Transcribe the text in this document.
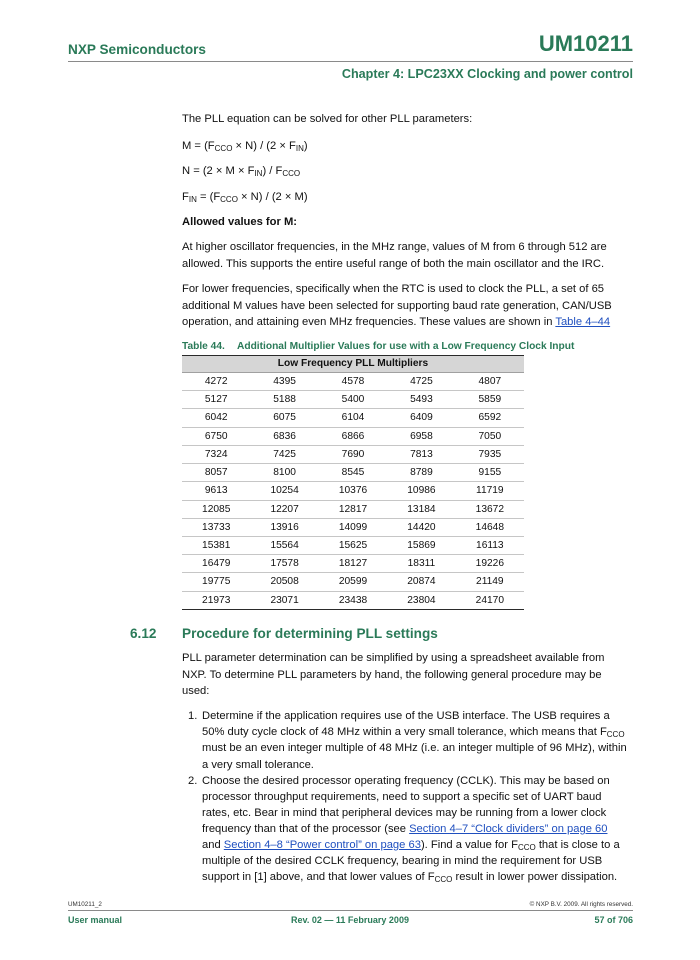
NXP Semiconductors	UM10211
Chapter 4: LPC23XX Clocking and power control
The PLL equation can be solved for other PLL parameters:
$M = (F_{CCO} \times N) / (2 \times F_{IN})$
$N = (2 \times M \times F_{IN}) / F_{CCO}$
$F_{IN} = (F_{CCO} \times N) / (2 \times M)$
Allowed values for M:
At higher oscillator frequencies, in the MHz range, values of M from 6 through 512 are
allowed. This supports the entire useful range of both the main oscillator and the IRC.
For lower frequencies, specifically when the RTC is used to clock the PLL, a set of 65
additional M values have been selected for supporting baud rate generation, CAN/USB
operation, and attaining even MHz frequencies. These values are shown in Table 4–44
Table 44. Additional Multiplier Values for use with a Low Frequency Clock Input
Low Frequency PLL Multipliers
4272	4395	4578	4725	4807
5127	5188	5400	5493	5859
6042	6075	6104	6409	6592
6750	6836	6866	6958	7050
7324	7425	7690	7813	7935
8057	8100	8545	8789	9155
9613	10254	10376	10986	11719
12085	12207	12817	13184	13672
13733	13916	14099	14420	14648
15381	15564	15625	15869	16113
16479	17578	18127	18311	19226
19775	20508	20599	20874	21149
21973	23071	23438	23804	24170
6.12 Procedure for determining PLL settings
PLL parameter determination can be simplified by using a spreadsheet available from
NXP. To determine PLL parameters by hand, the following general procedure may be
used:
1. Determine if the application requires use of the USB interface. The USB requires a
50% duty cycle clock of 48 MHz within a very small tolerance, which means that $F_{CCO}$
must be an even integer multiple of 48 MHz (i.e. an integer multiple of 96 MHz), within
a very small tolerance.
2. Choose the desired processor operating frequency (CCLK). This may be based on
processor throughput requirements, need to support a specific set of UART baud
rates, etc. Bear in mind that peripheral devices may be running from a lower clock
frequency than that of the processor (see Section 4–7 “Clock dividers” on page 60
and Section 4–8 “Power control” on page 63). Find a value for $F_{CCO}$ that is close to a
multiple of the desired CCLK frequency, bearing in mind the requirement for USB
support in [1] above, and that lower values of $F_{CCO}$ result in lower power dissipation.
UM10211_2	© NXP B.V. 2009. All rights reserved.
User manual	Rev. 02 — 11 February 2009	57 of 706
